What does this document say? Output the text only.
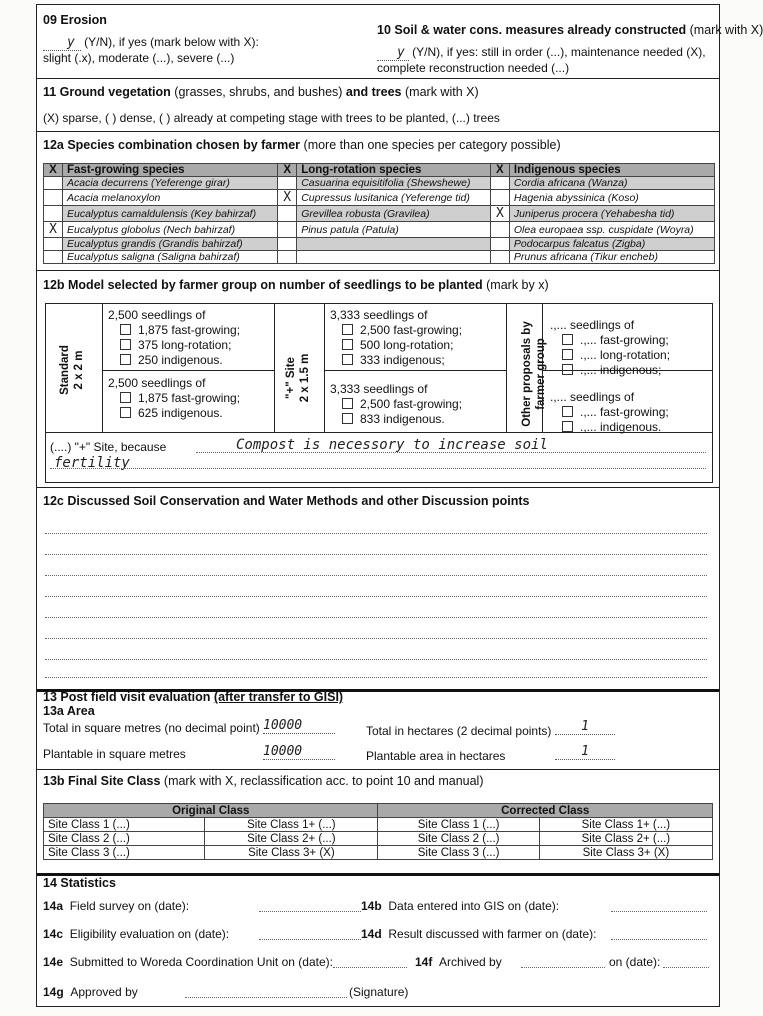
09 Erosion
y (Y/N), if yes (mark below with X):
slight (.x), moderate (...), severe (...)
10 Soil & water cons. measures already constructed (mark with X)
y (Y/N), if yes: still in order (...), maintenance needed (X),
complete reconstruction needed (...)
11 Ground vegetation (grasses, shrubs, and bushes) and trees (mark with X)
(X) sparse, ( ) dense, ( ) already at competing stage with trees to be planted, (...) trees
12a Species combination chosen by farmer (more than one species per category possible)
X	Fast-growing species	X	Long-rotation species	X	Indigenous species
	Acacia decurrens (Yeferenge girar)		Casuarina equisitifolia (Shewshewe)		Cordia africana (Wanza)
	Acacia melanoxylon	X	Cupressus lusitanica (Yeferenge tid)		Hagenia abyssinica (Koso)
	Eucalyptus camaldulensis (Key bahirzaf)		Grevillea robusta (Gravilea)	X	Juniperus procera (Yehabesha tid)
X	Eucalyptus globolus (Nech bahirzaf)		Pinus patula (Patula)		Olea europaea ssp. cuspidate (Woyra)
	Eucalyptus grandis (Grandis bahirzaf)				Podocarpus falcatus (Zigba)
	Eucalyptus saligna (Saligna bahirzaf)				Prunus africana (Tikur encheb)
12b Model selected by farmer group on number of seedlings to be planted (mark by x)
Standard 2 x 2 m	"+" Site 2 x 1.5 m	Other proposals by farmer group
2,500 seedlings of
1,875 fast-growing;
375 long-rotation;
250 indigenous.
2,500 seedlings of
1,875 fast-growing;
625 indigenous.
3,333 seedlings of
2,500 fast-growing;
500 long-rotation;
333 indigenous;
3,333 seedlings of
2,500 fast-growing;
833 indigenous.
.,... seedlings of
.,... fast-growing;
.,... long-rotation;
.,... indigenous;
.,... seedlings of
.,... fast-growing;
.,... indigenous.
(....) "+" Site, because	Compost is necessory to increase soil
fertility
12c Discussed Soil Conservation and Water Methods and other Discussion points
13 Post field visit evaluation (after transfer to GISI)
13a Area
Total in square metres (no decimal point) 10000	Total in hectares (2 decimal points)	1
Plantable in square metres	10000	Plantable area in hectares	1
13b Final Site Class (mark with X, reclassification acc. to point 10 and manual)
Original Class		Corrected Class	
Site Class 1 (...)	Site Class 1+ (...)	Site Class 1 (...)	Site Class 1+ (...)
Site Class 2 (...)	Site Class 2+ (...)	Site Class 2 (...)	Site Class 2+ (...)
Site Class 3 (...)	Site Class 3+ (X)	Site Class 3 (...)	Site Class 3+ (X)
14 Statistics
14a Field survey on (date):	14b Data entered into GIS on (date):
14c Eligibility evaluation on (date):	14d Result discussed with farmer on (date):
14e Submitted to Woreda Coordination Unit on (date):	14f Archived by	on (date):
14g Approved by	(Signature)
